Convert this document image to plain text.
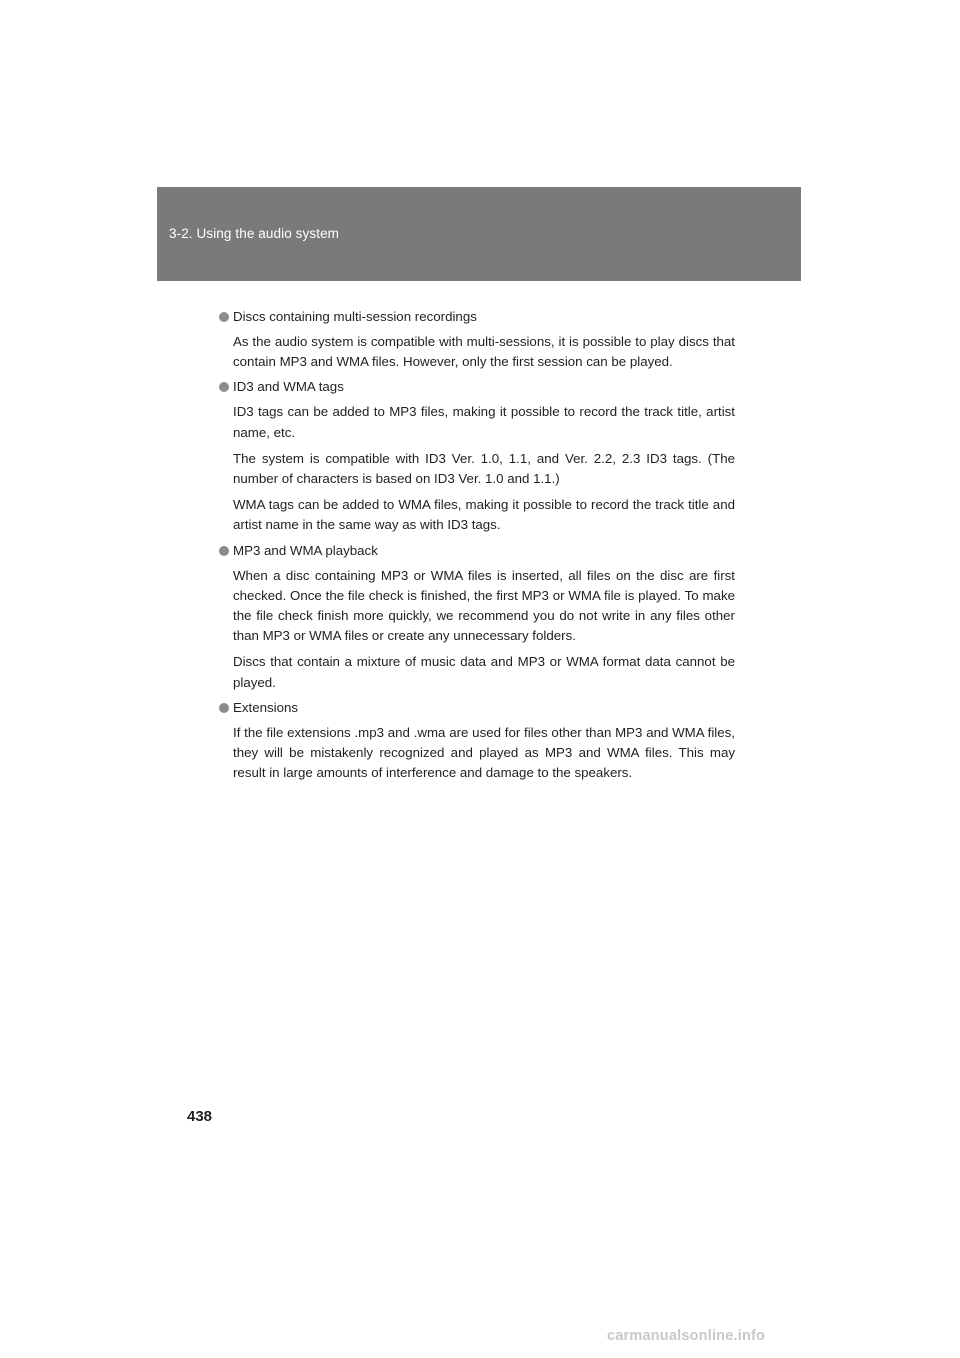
3-2. Using the audio system
Discs containing multi-session recordings

As the audio system is compatible with multi-sessions, it is possible to play discs that contain MP3 and WMA files. However, only the first session can be played.

ID3 and WMA tags

ID3 tags can be added to MP3 files, making it possible to record the track title, artist name, etc.

The system is compatible with ID3 Ver. 1.0, 1.1, and Ver. 2.2, 2.3 ID3 tags. (The number of characters is based on ID3 Ver. 1.0 and 1.1.)

WMA tags can be added to WMA files, making it possible to record the track title and artist name in the same way as with ID3 tags.

MP3 and WMA playback

When a disc containing MP3 or WMA files is inserted, all files on the disc are first checked. Once the file check is finished, the first MP3 or WMA file is played. To make the file check finish more quickly, we recommend you do not write in any files other than MP3 or WMA files or create any unnecessary folders.

Discs that contain a mixture of music data and MP3 or WMA format data cannot be played.

Extensions

If the file extensions .mp3 and .wma are used for files other than MP3 and WMA files, they will be mistakenly recognized and played as MP3 and WMA files. This may result in large amounts of interference and damage to the speakers.

438
carmanualsonline.info
